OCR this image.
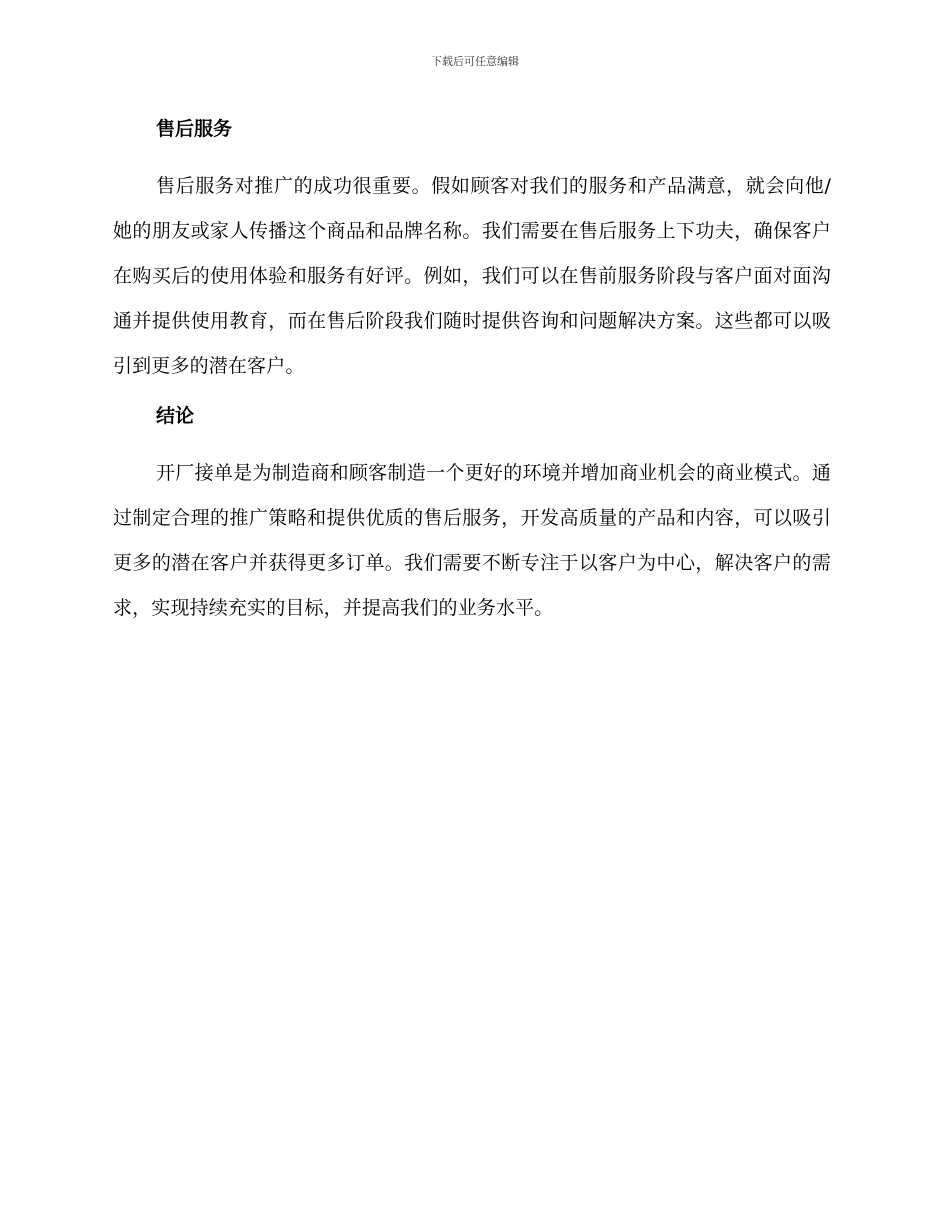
下载后可任意编辑
售后服务
售后服务对推广的成功很重要。假如顾客对我们的服务和产品满意，就会向他/她的朋友或家人传播这个商品和品牌名称。我们需要在售后服务上下功夫，确保客户在购买后的使用体验和服务有好评。例如，我们可以在售前服务阶段与客户面对面沟通并提供使用教育，而在售后阶段我们随时提供咨询和问题解决方案。这些都可以吸引到更多的潜在客户。
结论
开厂接单是为制造商和顾客制造一个更好的环境并增加商业机会的商业模式。通过制定合理的推广策略和提供优质的售后服务，开发高质量的产品和内容，可以吸引更多的潜在客户并获得更多订单。我们需要不断专注于以客户为中心，解决客户的需求，实现持续充实的目标，并提高我们的业务水平。
